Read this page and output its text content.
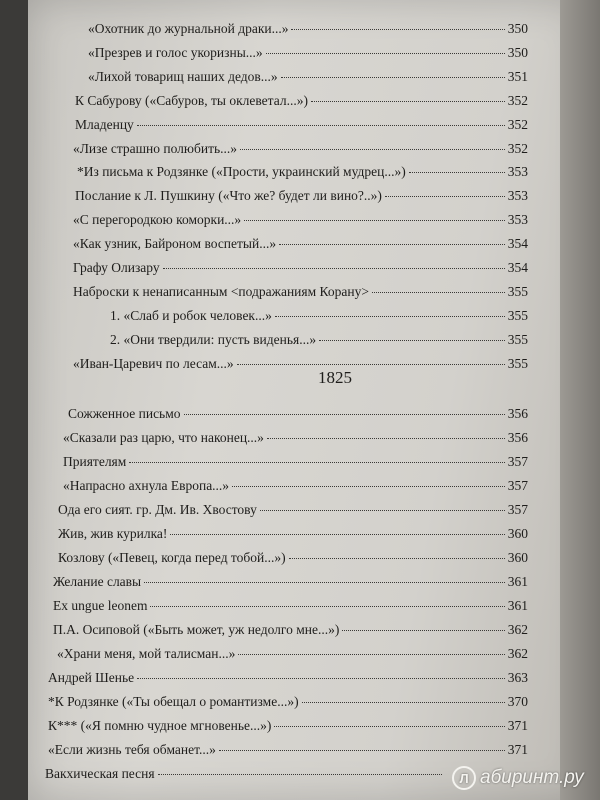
«Охотник до журнальной драки...»	350
«Презрев и голос укоризны...»	350
«Лихой товарищ наших дедов...»	351
К Сабурову («Сабуров, ты оклеветал...»)	352
Младенцу	352
«Лизе страшно полюбить...»	352
*Из письма к Родзянке («Прости, украинский мудрец...»)	353
Послание к Л. Пушкину («Что же? будет ли вино?..»)	353
«С перегородкою коморки...»	353
«Как узник, Байроном воспетый...»	354
Графу Олизару	354
Наброски к ненаписанным <подражаниям Корану>	355
1. «Слаб и робок человек...»	355
2. «Они твердили: пусть виденья...»	355
«Иван-Царевич по лесам...»	355
1825
Сожженное письмо	356
«Сказали раз царю, что наконец...»	356
Приятелям	357
«Напрасно ахнула Европа...»	357
Ода его сият. гр. Дм. Ив. Хвостову	357
Жив, жив курилка!	360
Козлову («Певец, когда перед тобой...»)	360
Желание славы	361
Ex ungue leonem	361
П.А. Осиповой («Быть может, уж недолго мне...»)	362
«Храни меня, мой талисман...»	362
Андрей Шенье	363
*К Родзянке («Ты обещал о романтизме...»)	370
К*** («Я помню чудное мгновенье...»)	371
«Если жизнь тебя обманет...»	371
Вакхическая песня	Л абиринт.ру
